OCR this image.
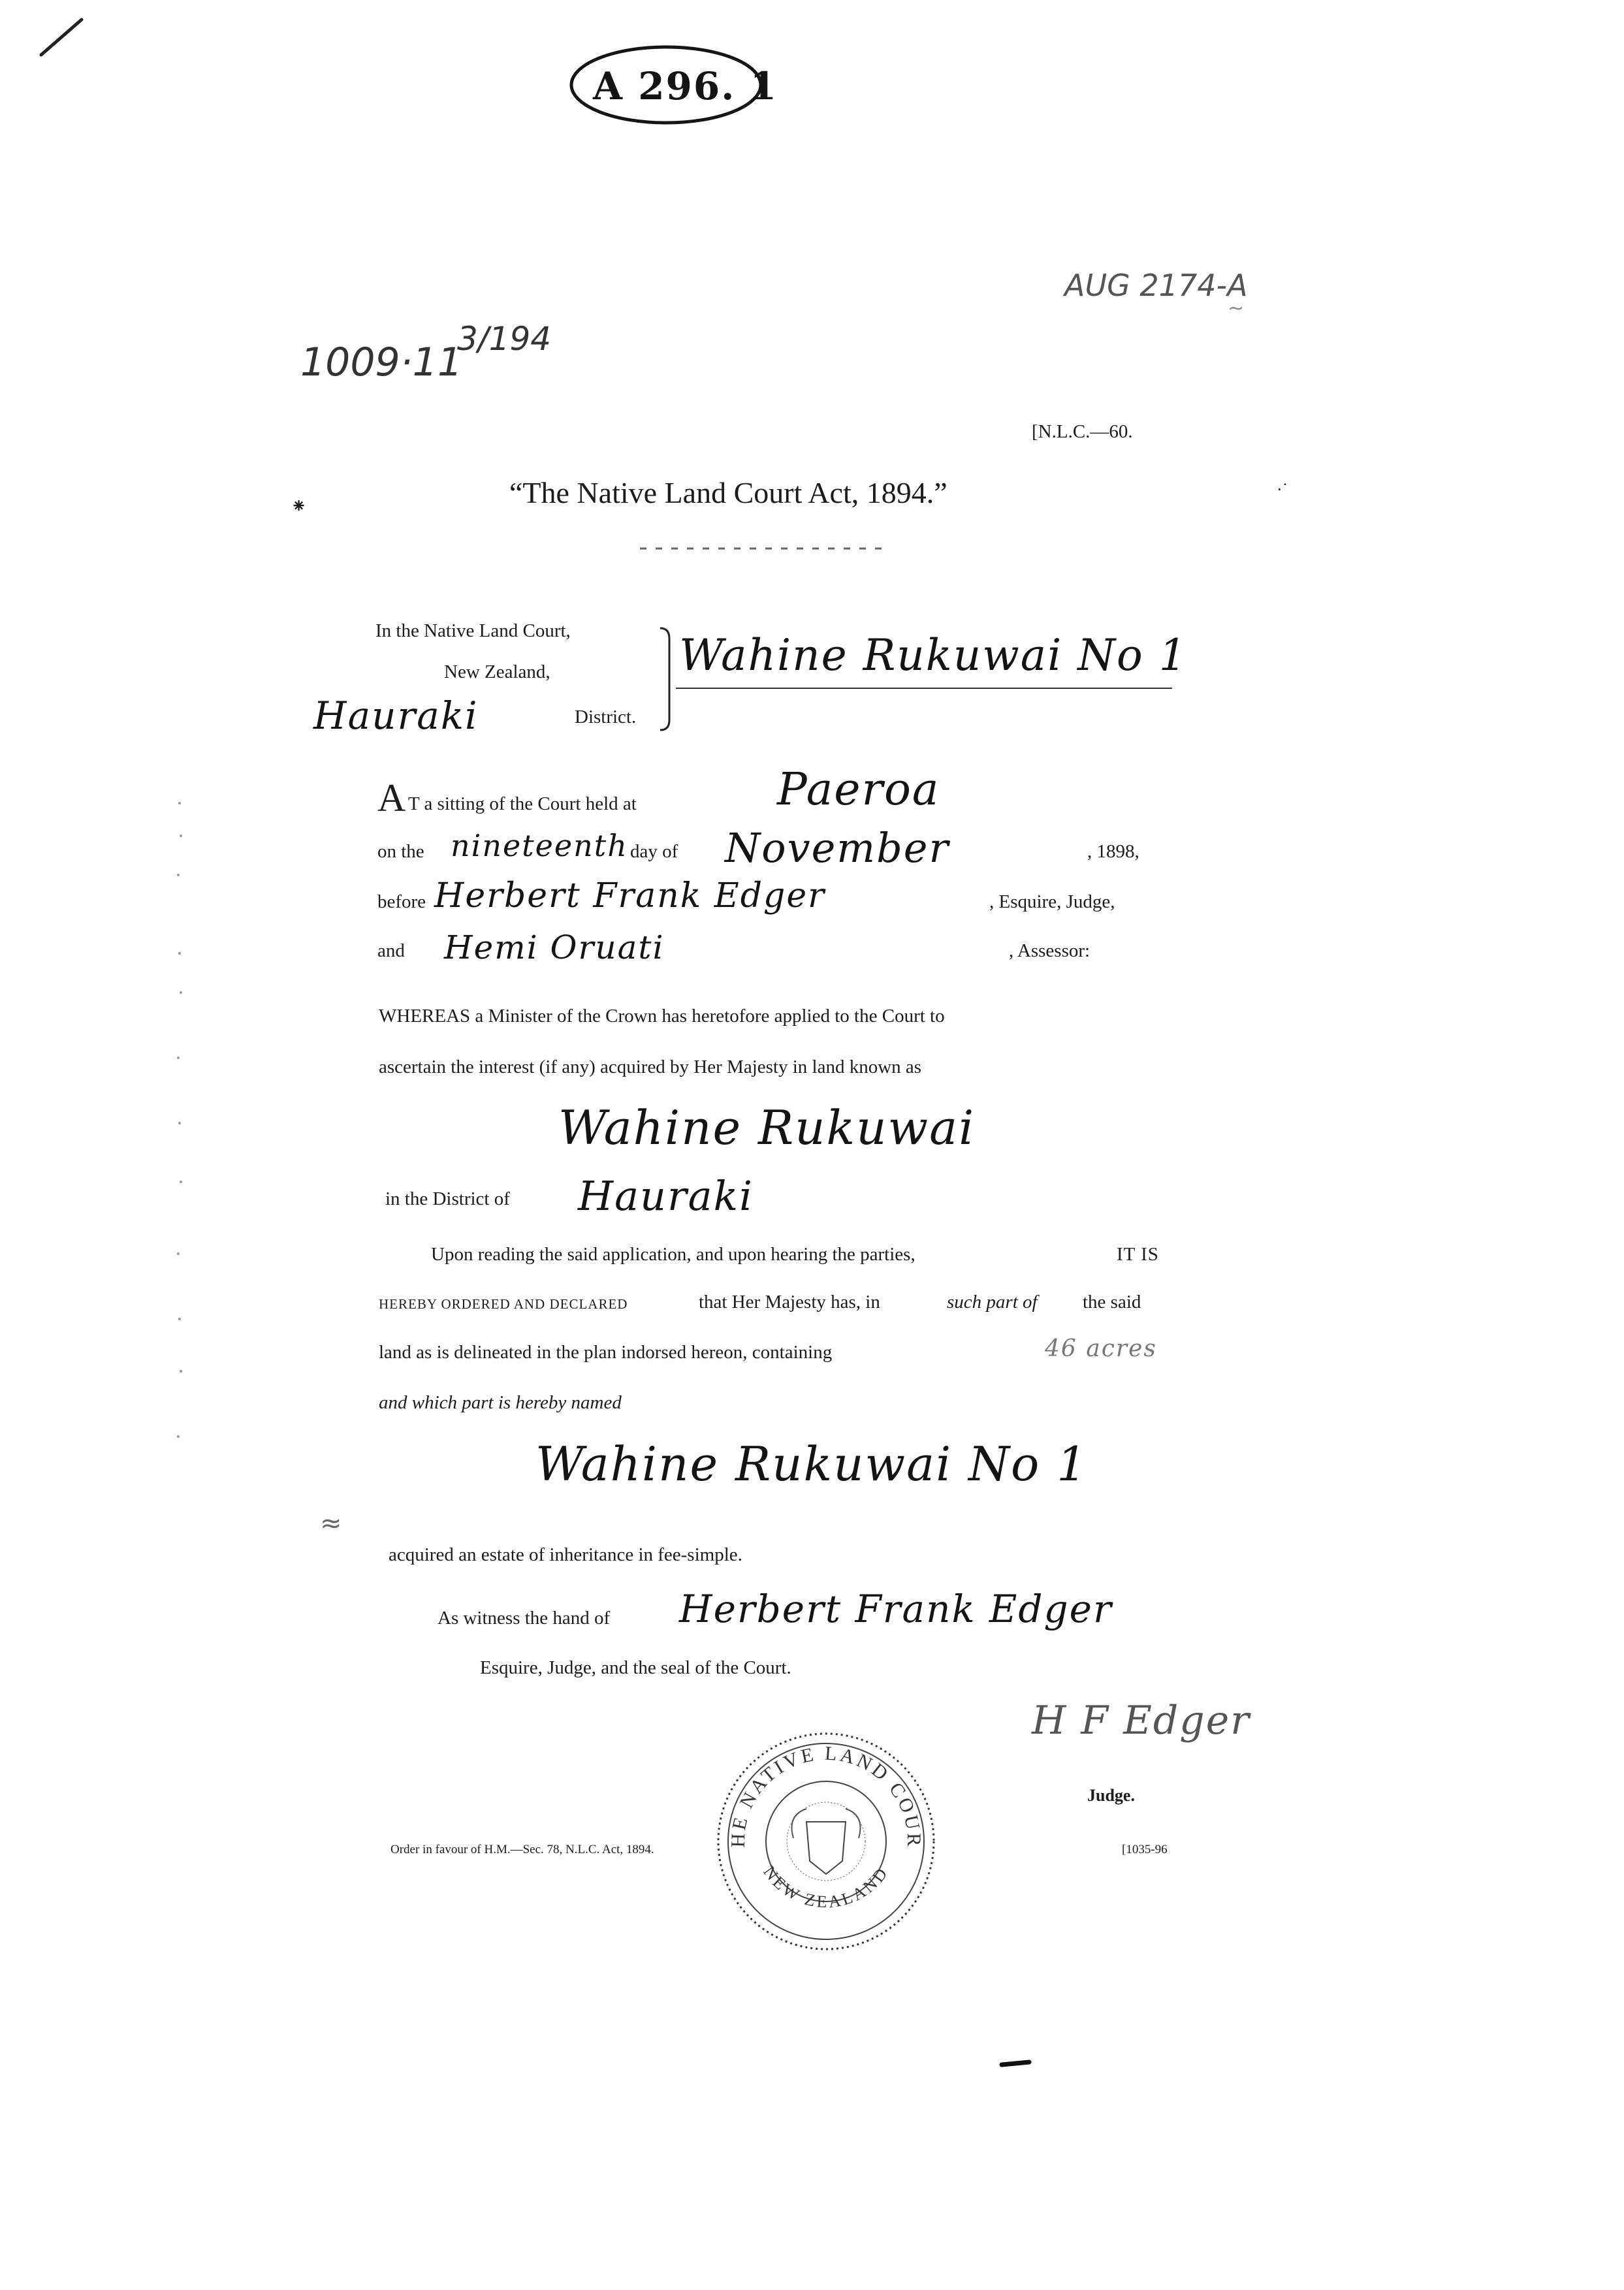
A 296. 1
AUG 2174-A
~
1009·11
3/194
[N.L.C.—60.
⁕
·˙
“The Native Land Court Act, 1894.”
In the Native Land Court,
New Zealand,
Hauraki	District.
Wahine Rukuwai No 1
A T a sitting of the Court held at	Paeroa
on the nineteenth day of November	, 1898,
before Herbert Frank Edger	, Esquire, Judge,
and Hemi Oruati	, Assessor:
WHEREAS a Minister of the Crown has heretofore applied to the Court to
ascertain the interest (if any) acquired by Her Majesty in land known as
Wahine Rukuwai
in the District of Hauraki
Upon reading the said application, and upon hearing the parties,	IT IS
HEREBY ORDERED AND DECLARED	that Her Majesty has, in	such part of the said
land as is delineated in the plan indorsed hereon, containing	46 acres
and which part is hereby named
Wahine Rukuwai No 1
≈
acquired an estate of inheritance in fee-simple.
As witness the hand of Herbert Frank Edger
Esquire, Judge, and the seal of the Court.
H F Edger
Judge.
HE NATIVE LAND COUR
NEW ZEALAND
Order in favour of H.M.—Sec. 78, N.L.C. Act, 1894.	[1035-96
